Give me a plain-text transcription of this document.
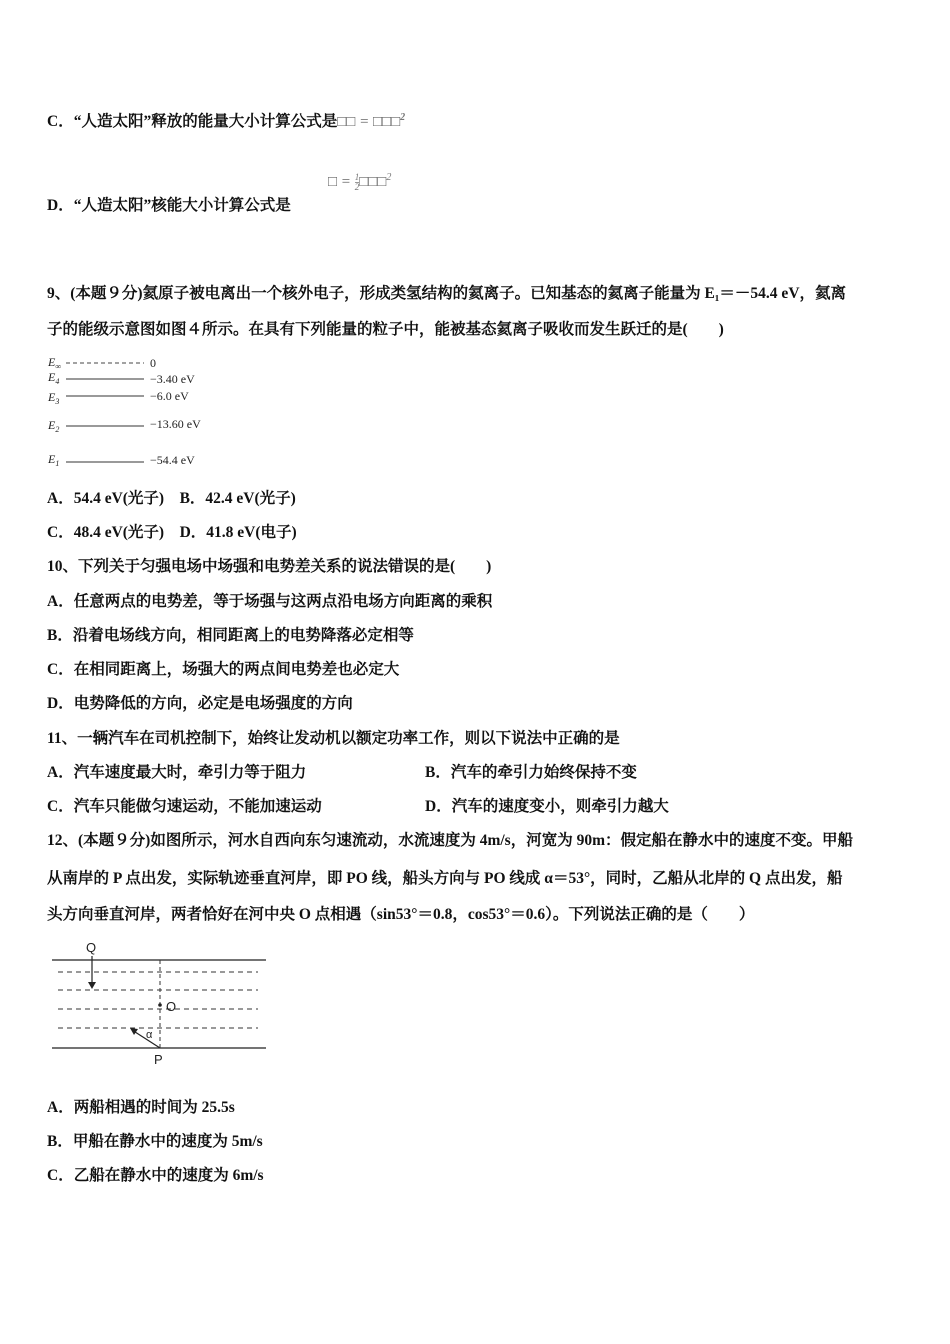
C．“人造太阳”释放的能量大小计算公式是□□ = □□□$^2$
D．“人造太阳”核能大小计算公式是
□ = $\frac{1}{2}$ □□□$^2$
9、(本题９分)氦原子被电离出一个核外电子，形成类氢结构的氦离子。已知基态的氦离子能量为 E₁＝－54.4 eV，氦离
子的能级示意图如图４所示。在具有下列能量的粒子中，能被基态氦离子吸收而发生跃迁的是(　　)
$E_\infty$	0
$E_4$	−3.40 eV
$E_3$	−6.0 eV
$E_2$	−13.60 eV
$E_1$	−54.4 eV
A．54.4 eV(光子)　B．42.4 eV(光子)
C．48.4 eV(光子)　D．41.8 eV(电子)
10、下列关于匀强电场中场强和电势差关系的说法错误的是(　　)
A．任意两点的电势差，等于场强与这两点沿电场方向距离的乘积
B．沿着电场线方向，相同距离上的电势降落必定相等
C．在相同距离上，场强大的两点间电势差也必定大
D．电势降低的方向，必定是电场强度的方向
11、一辆汽车在司机控制下，始终让发动机以额定功率工作，则以下说法中正确的是
A．汽车速度最大时，牵引力等于阻力	B．汽车的牵引力始终保持不变
C．汽车只能做匀速运动，不能加速运动	D．汽车的速度变小，则牵引力越大
12、(本题９分)如图所示，河水自西向东匀速流动，水流速度为 4m/s，河宽为 90m：假定船在静水中的速度不变。甲船
从南岸的 P 点出发，实际轨迹垂直河岸，即 PO 线，船头方向与 PO 线成 α＝53°，同时，乙船从北岸的 Q 点出发，船
头方向垂直河岸，两者恰好在河中央 O 点相遇（sin53°＝0.8，cos53°＝0.6）。下列说法正确的是（　　）
Q
O
α
P
A．两船相遇的时间为 25.5s
B．甲船在静水中的速度为 5m/s
C．乙船在静水中的速度为 6m/s
